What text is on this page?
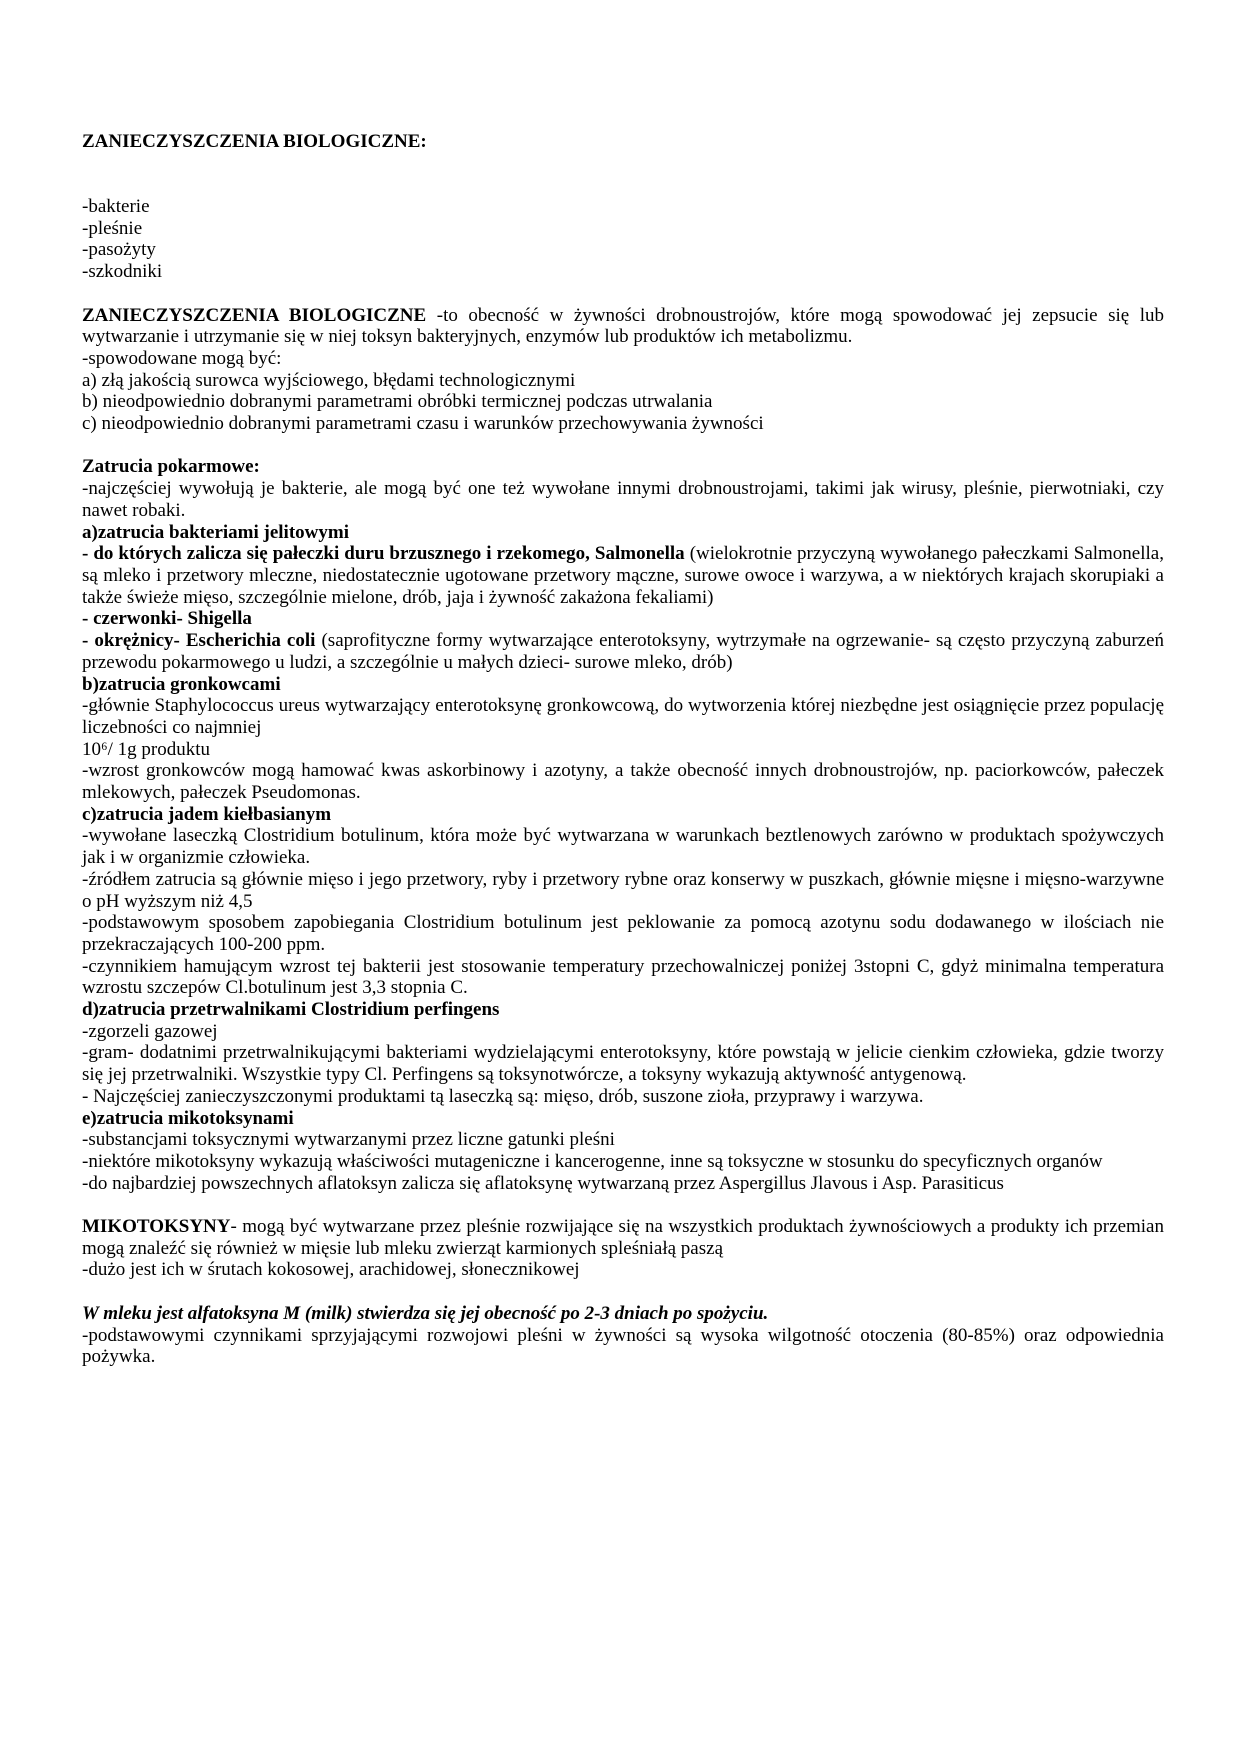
ZANIECZYSZCZENIA BIOLOGICZNE:

-bakterie

-pleśnie

-pasożyty

-szkodniki

ZANIECZYSZCZENIA BIOLOGICZNE -to obecność w żywności drobnoustrojów, które mogą spowodować jej zepsucie się lub wytwarzanie i utrzymanie się w niej toksyn bakteryjnych, enzymów lub produktów ich metabolizmu.

-spowodowane mogą być:

a) złą jakością surowca wyjściowego, błędami technologicznymi

b) nieodpowiednio dobranymi parametrami obróbki termicznej podczas utrwalania

c) nieodpowiednio dobranymi parametrami czasu i warunków przechowywania żywności

Zatrucia pokarmowe:

-najczęściej wywołują je bakterie, ale mogą być one też wywołane innymi drobnoustrojami, takimi jak wirusy, pleśnie, pierwotniaki, czy nawet robaki.

a)zatrucia bakteriami jelitowymi

- do których zalicza się pałeczki duru brzusznego i rzekomego, Salmonella (wielokrotnie przyczyną wywołanego pałeczkami Salmonella, są mleko i przetwory mleczne, niedostatecznie ugotowane przetwory mączne, surowe owoce i warzywa, a w niektórych krajach skorupiaki a także świeże mięso, szczególnie mielone, drób, jaja i żywność zakażona fekaliami)

- czerwonki- Shigella

- okrężnicy- Escherichia coli (saprofityczne formy wytwarzające enterotoksyny, wytrzymałe na ogrzewanie- są często przyczyną zaburzeń przewodu pokarmowego u ludzi, a szczególnie u małych dzieci- surowe mleko, drób)

b)zatrucia gronkowcami

-głównie Staphylococcus ureus wytwarzający enterotoksynę gronkowcową, do wytworzenia której niezbędne jest osiągnięcie przez populację liczebności co najmniej

10⁶/ 1g produktu

-wzrost gronkowców mogą hamować kwas askorbinowy i azotyny, a także obecność innych drobnoustrojów, np. paciorkowców, pałeczek mlekowych, pałeczek Pseudomonas.

c)zatrucia jadem kiełbasianym

-wywołane laseczką Clostridium botulinum, która może być wytwarzana w warunkach beztlenowych zarówno w produktach spożywczych jak i w organizmie człowieka.

-źródłem zatrucia są głównie mięso i jego przetwory, ryby i przetwory rybne oraz konserwy w puszkach, głównie mięsne i mięsno-warzywne o pH wyższym niż 4,5

-podstawowym sposobem zapobiegania Clostridium botulinum jest peklowanie za pomocą azotynu sodu dodawanego w ilościach nie przekraczających 100-200 ppm.

-czynnikiem hamującym wzrost tej bakterii jest stosowanie temperatury przechowalniczej poniżej 3stopni C, gdyż minimalna temperatura wzrostu szczepów Cl.botulinum jest 3,3 stopnia C.

d)zatrucia przetrwalnikami Clostridium perfingens

-zgorzeli gazowej

-gram- dodatnimi przetrwalnikującymi bakteriami wydzielającymi enterotoksyny, które powstają w jelicie cienkim człowieka, gdzie tworzy się jej przetrwalniki. Wszystkie typy Cl. Perfingens są toksynotwórcze, a toksyny wykazują aktywność antygenową.

- Najczęściej zanieczyszczonymi produktami tą laseczką są: mięso, drób, suszone zioła, przyprawy i warzywa.

e)zatrucia mikotoksynami

-substancjami toksycznymi wytwarzanymi przez liczne gatunki pleśni

-niektóre mikotoksyny wykazują właściwości mutageniczne i kancerogenne, inne są toksyczne w stosunku do specyficznych organów

-do najbardziej powszechnych aflatoksyn zalicza się aflatoksynę wytwarzaną przez Aspergillus Jlavous i Asp. Parasiticus

MIKOTOKSYNY- mogą być wytwarzane przez pleśnie rozwijające się na wszystkich produktach żywnościowych a produkty ich przemian mogą znaleźć się również w mięsie lub mleku zwierząt karmionych spleśniałą paszą

-dużo jest ich w śrutach kokosowej, arachidowej, słonecznikowej

W mleku jest alfatoksyna M (milk) stwierdza się jej obecność po 2-3 dniach po spożyciu.

-podstawowymi czynnikami sprzyjającymi rozwojowi pleśni w żywności są wysoka wilgotność otoczenia (80-85%) oraz odpowiednia pożywka.
